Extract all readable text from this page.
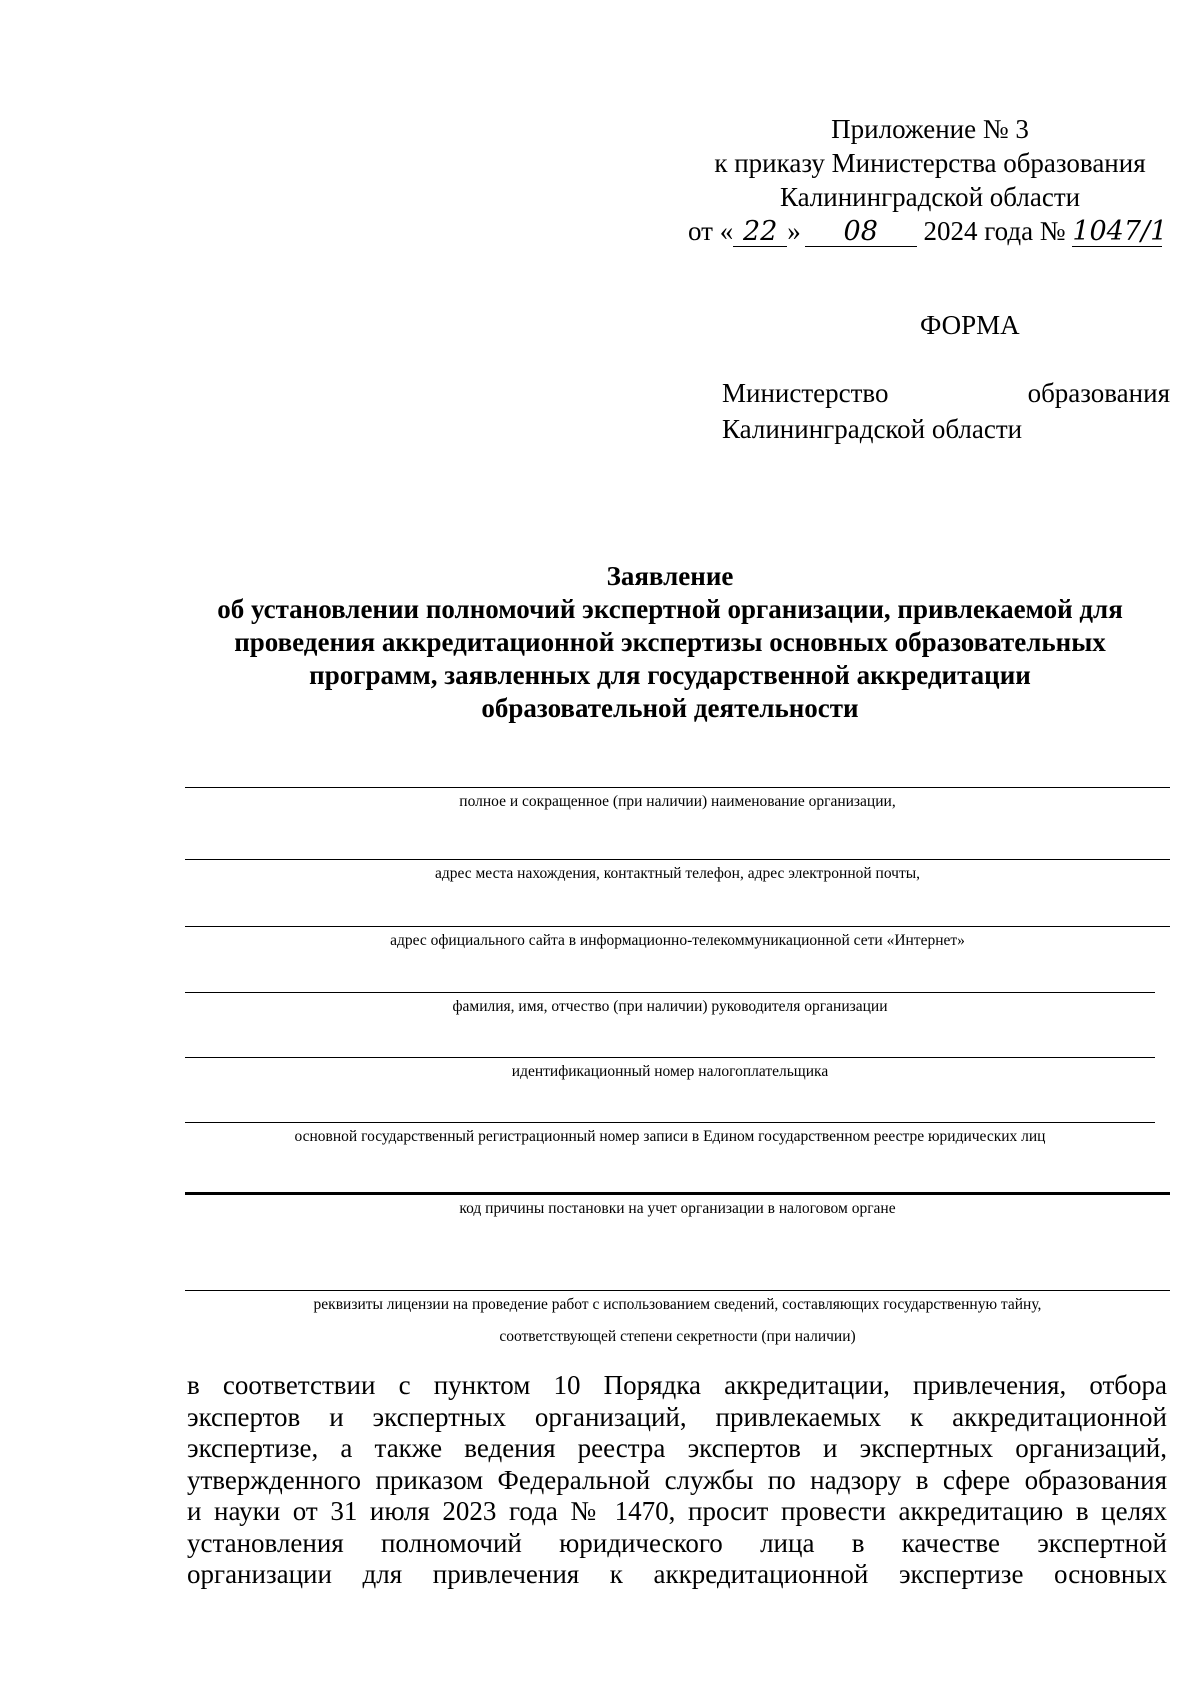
Приложение № 3
к приказу Министерства образования
Калининградской области
от « 22 » 08 2024 года № 1047/1
ФОРМА
Министерство	образования
Калининградской области
Заявление
об установлении полномочий экспертной организации, привлекаемой для
проведения аккредитационной экспертизы основных образовательных
программ, заявленных для государственной аккредитации
образовательной деятельности
полное и сокращенное (при наличии) наименование организации,
адрес места нахождения, контактный телефон, адрес электронной почты,
адрес официального сайта в информационно-телекоммуникационной сети «Интернет»
фамилия, имя, отчество (при наличии) руководителя организации
идентификационный номер налогоплательщика
основной государственный регистрационный номер записи в Едином государственном реестре юридических лиц
код причины постановки на учет организации в налоговом органе
реквизиты лицензии на проведение работ с использованием сведений, составляющих государственную тайну,
соответствующей степени секретности (при наличии)
в соответствии с пунктом 10 Порядка аккредитации, привлечения, отбора
экспертов и экспертных организаций, привлекаемых к аккредитационной
экспертизе, а также ведения реестра экспертов и экспертных организаций,
утвержденного приказом Федеральной службы по надзору в сфере образования
и науки от 31 июля 2023 года № 1470, просит провести аккредитацию в целях
установления полномочий юридического лица в качестве экспертной
организации для привлечения к аккредитационной экспертизе основных
